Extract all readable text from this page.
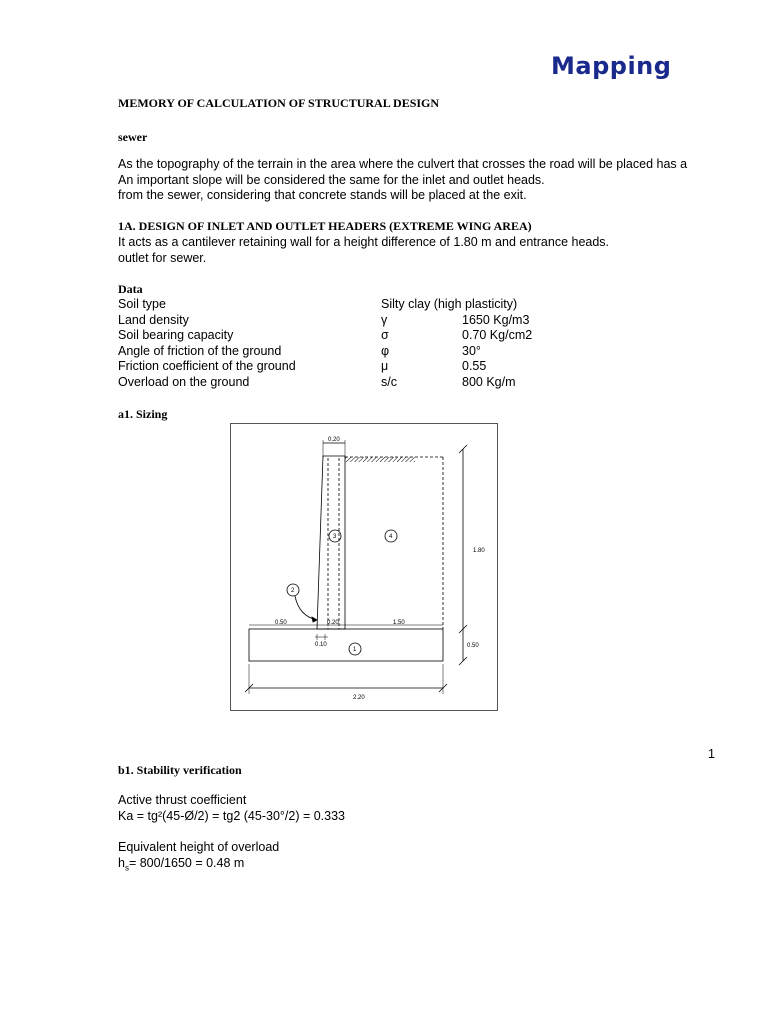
Mapping
MEMORY OF CALCULATION OF STRUCTURAL DESIGN
sewer
As the topography of the terrain in the area where the culvert that crosses the road will be placed has a
An important slope will be considered the same for the inlet and outlet heads.
from the sewer, considering that concrete stands will be placed at the exit.
1A. DESIGN OF INLET AND OUTLET HEADERS (EXTREME WING AREA)
It acts as a cantilever retaining wall for a height difference of 1.80 m and entrance heads.
outlet for sewer.
Data
Soil type	Silty clay (high plasticity)
Land density	γ	1650 Kg/m3
Soil bearing capacity	σ	0.70 Kg/cm2
Angle of friction of the ground	φ	30°
Friction coefficient of the ground	μ	0.55
Overload on the ground	s/c	800 Kg/m
a1. Sizing
0.20
1.80
0.50
0.50	0.20	1.50
0.10
2.20
1
2
3	4
1
b1. Stability verification
Active thrust coefficient
Ka = tg²(45-Ø/2) = tg2 (45-30°/2) = 0.333
Equivalent height of overload
$h_s= 800/1650 = 0.48$ m
